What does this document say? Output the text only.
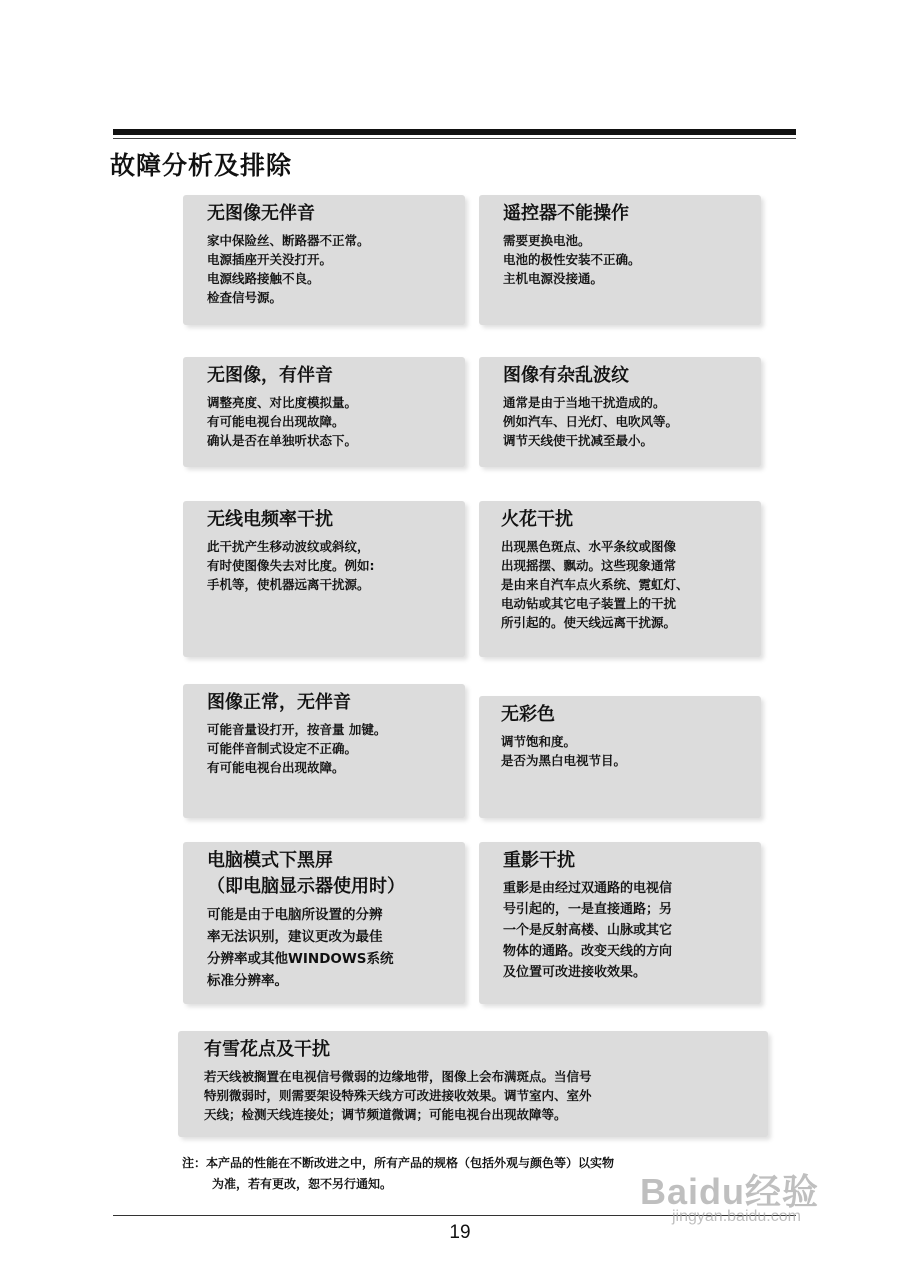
故障分析及排除
无图像无伴音
家中保险丝、断路器不正常。
电源插座开关没打开。
电源线路接触不良。
检查信号源。
遥控器不能操作
需要更换电池。
电池的极性安装不正确。
主机电源没接通。
无图像，有伴音
调整亮度、对比度模拟量。
有可能电视台出现故障。
确认是否在单独听状态下。
图像有杂乱波纹
通常是由于当地干扰造成的。
例如汽车、日光灯、电吹风等。
调节天线使干扰减至最小。
无线电频率干扰
此干扰产生移动波纹或斜纹，
有时使图像失去对比度。例如:
手机等，使机器远离干扰源。
火花干扰
出现黑色斑点、水平条纹或图像
出现摇摆、飘动。这些现象通常
是由来自汽车点火系统、霓虹灯、
电动钻或其它电子装置上的干扰
所引起的。使天线远离干扰源。
图像正常，无伴音
可能音量设打开，按音量 加键。
可能伴音制式设定不正确。
有可能电视台出现故障。
无彩色
调节饱和度。
是否为黑白电视节目。
电脑模式下黑屏
（即电脑显示器使用时）
可能是由于电脑所设置的分辨
率无法识别，建议更改为最佳
分辨率或其他WINDOWS系统
标准分辨率。
重影干扰
重影是由经过双通路的电视信
号引起的，一是直接通路；另
一个是反射高楼、山脉或其它
物体的通路。改变天线的方向
及位置可改进接收效果。
有雪花点及干扰
若天线被搁置在电视信号微弱的边缘地带，图像上会布满斑点。当信号
特别微弱时，则需要架设特殊天线方可改进接收效果。调节室内、室外
天线；检测天线连接处；调节频道微调；可能电视台出现故障等。
注：本产品的性能在不断改进之中，所有产品的规格（包括外观与颜色等）以实物
为准，若有更改，恕不另行通知。
19
Baidu经验
jingyan.baidu.com
